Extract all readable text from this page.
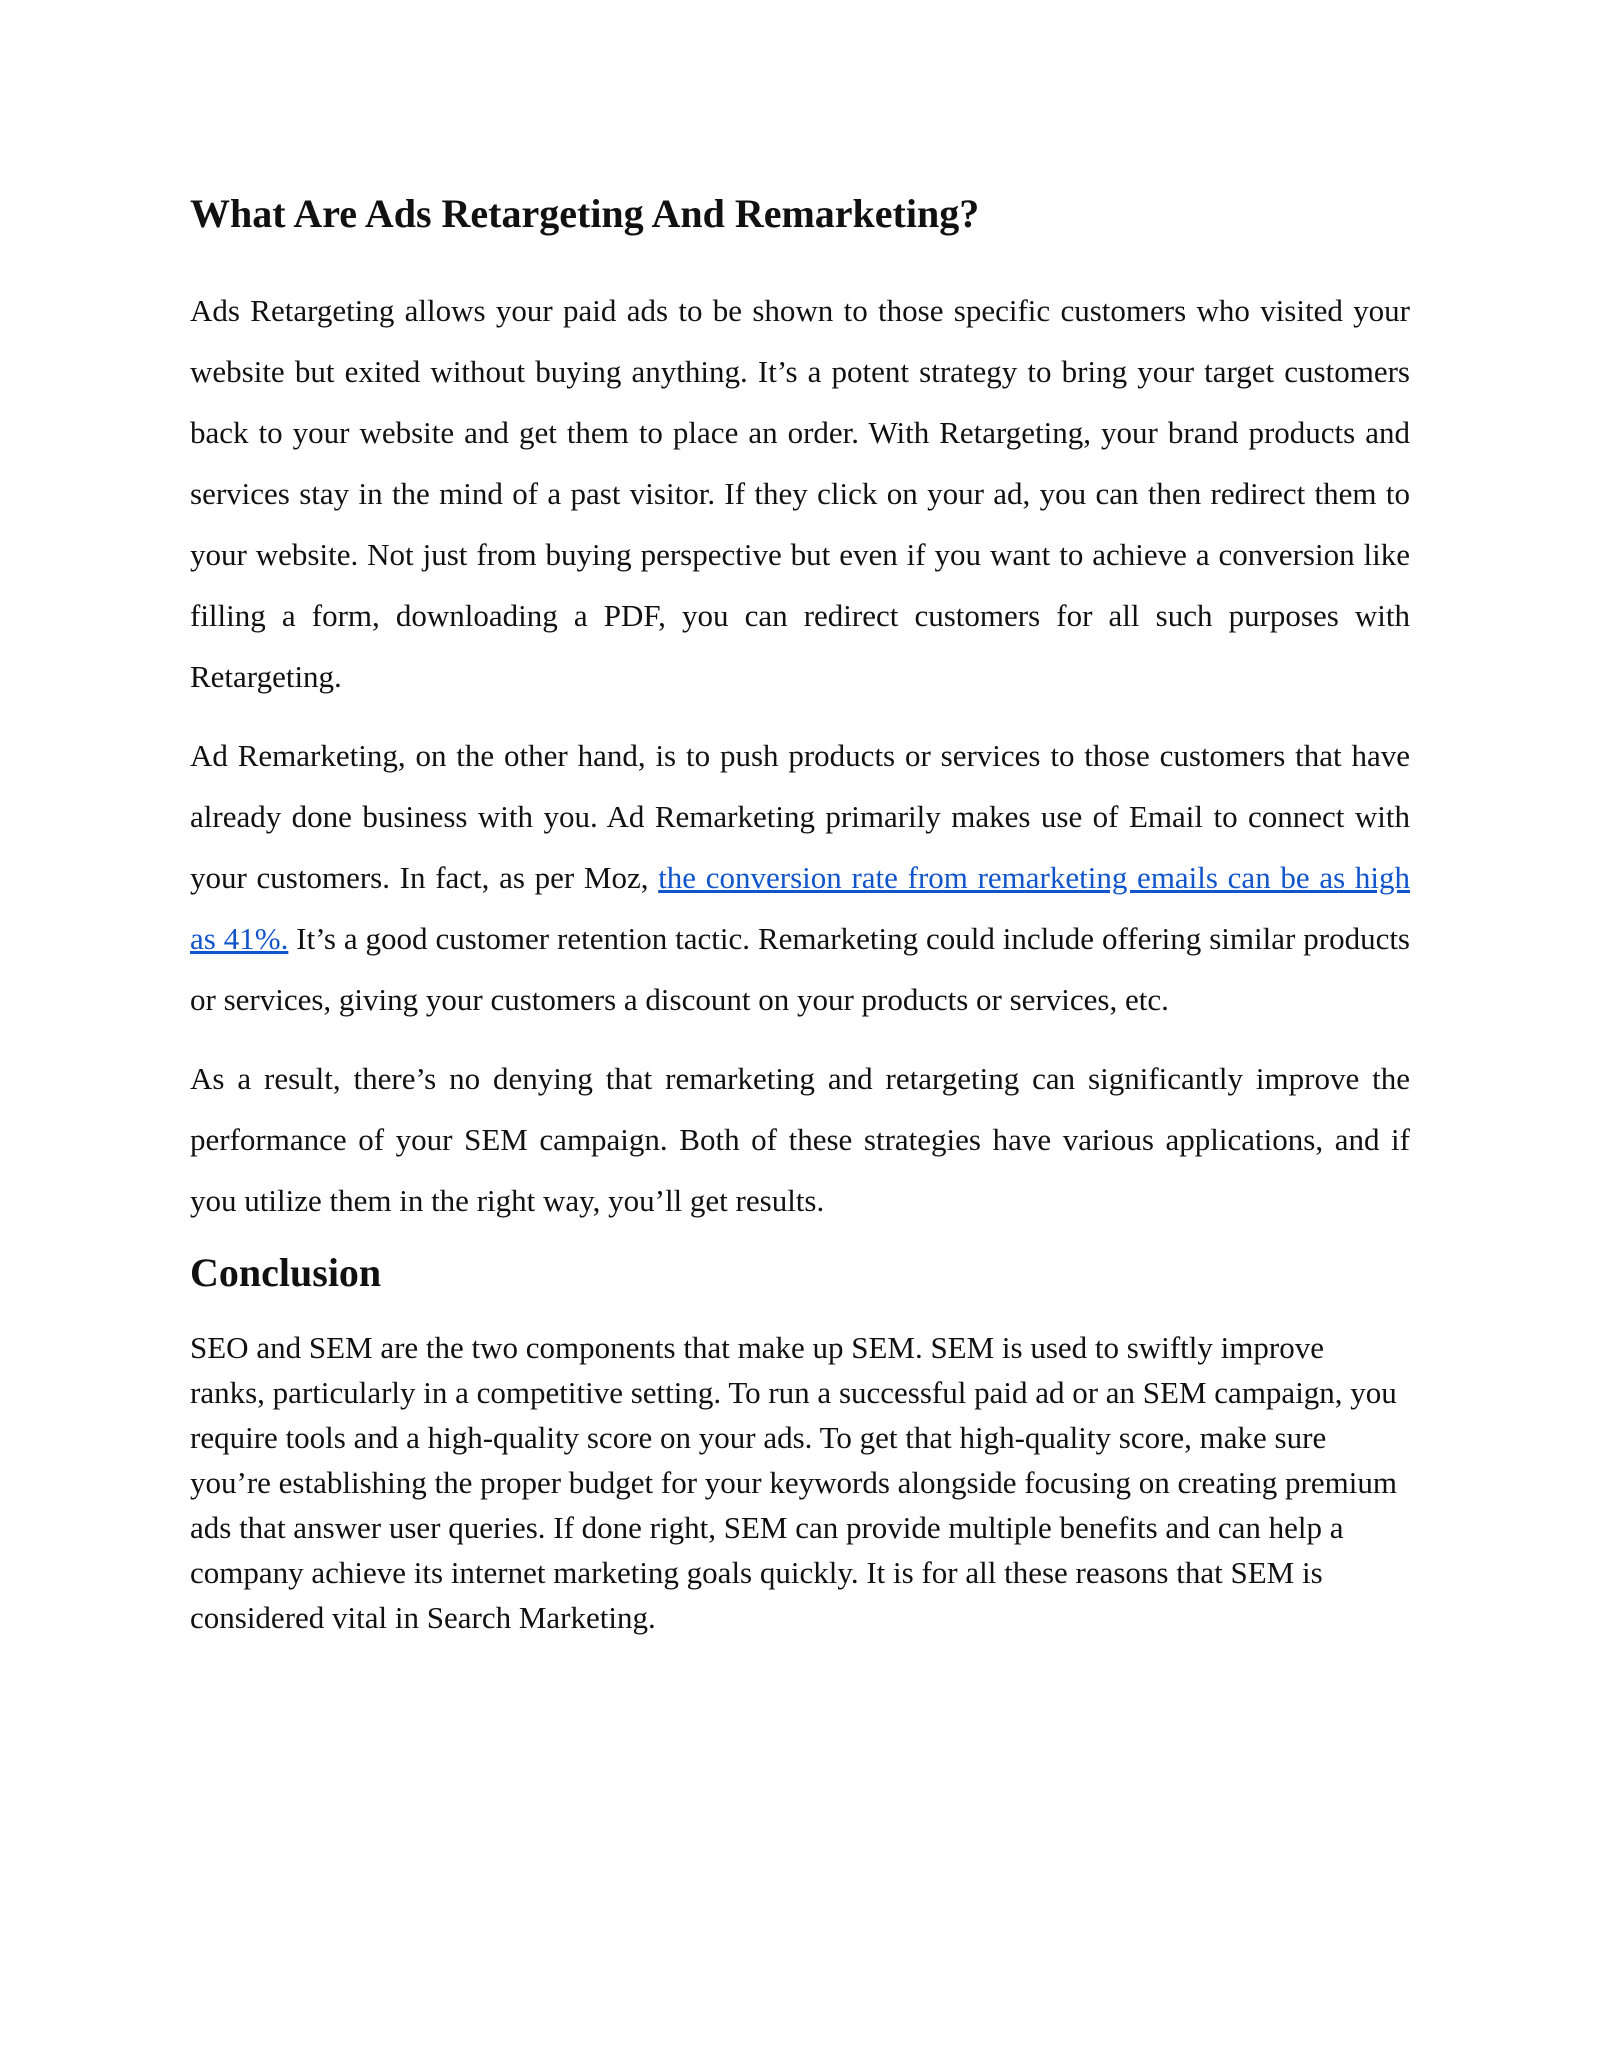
What Are Ads Retargeting And Remarketing?

Ads Retargeting allows your paid ads to be shown to those specific customers who visited your website but exited without buying anything. It’s a potent strategy to bring your target customers back to your website and get them to place an order. With Retargeting, your brand products and services stay in the mind of a past visitor. If they click on your ad, you can then redirect them to your website. Not just from buying perspective but even if you want to achieve a conversion like filling a form, downloading a PDF, you can redirect customers for all such purposes with Retargeting.

Ad Remarketing, on the other hand, is to push products or services to those customers that have already done business with you. Ad Remarketing primarily makes use of Email to connect with your customers. In fact, as per Moz, the conversion rate from remarketing emails can be as high as 41%. It’s a good customer retention tactic. Remarketing could include offering similar products or services, giving your customers a discount on your products or services, etc.

As a result, there’s no denying that remarketing and retargeting can significantly improve the performance of your SEM campaign. Both of these strategies have various applications, and if you utilize them in the right way, you’ll get results.

Conclusion

SEO and SEM are the two components that make up SEM. SEM is used to swiftly improve ranks, particularly in a competitive setting. To run a successful paid ad or an SEM campaign, you require tools and a high-quality score on your ads. To get that high-quality score, make sure you’re establishing the proper budget for your keywords alongside focusing on creating premium ads that answer user queries. If done right, SEM can provide multiple benefits and can help a company achieve its internet marketing goals quickly. It is for all these reasons that SEM is considered vital in Search Marketing.
